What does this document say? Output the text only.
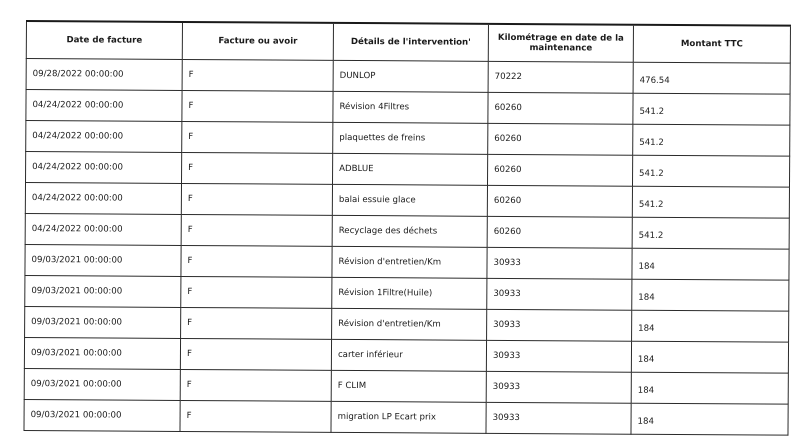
Date de facture	Facture ou avoir	Détails de l'intervention'	Kilométrage en date de la maintenance	Montant TTC
09/28/2022 00:00:00	F	DUNLOP	70222	476.54
04/24/2022 00:00:00	F	Révision 4Filtres	60260	541.2
04/24/2022 00:00:00	F	plaquettes de freins	60260	541.2
04/24/2022 00:00:00	F	ADBLUE	60260	541.2
04/24/2022 00:00:00	F	balai essuie glace	60260	541.2
04/24/2022 00:00:00	F	Recyclage des déchets	60260	541.2
09/03/2021 00:00:00	F	Révision d'entretien/Km	30933	184
09/03/2021 00:00:00	F	Révision 1Filtre(Huile)	30933	184
09/03/2021 00:00:00	F	Révision d'entretien/Km	30933	184
09/03/2021 00:00:00	F	carter inférieur	30933	184
09/03/2021 00:00:00	F	F CLIM	30933	184
09/03/2021 00:00:00	F	migration LP Ecart prix	30933	184
